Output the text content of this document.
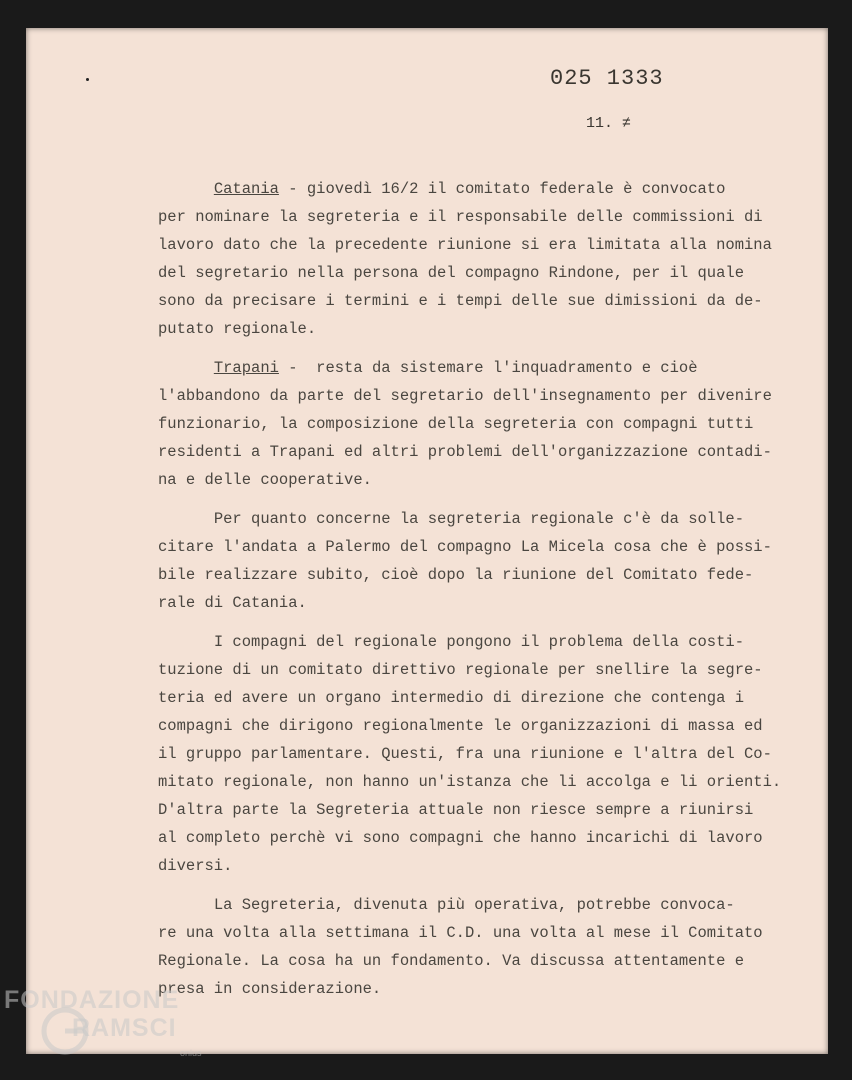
025 1333
11. ≠
Catania - giovedì 16/2 il comitato federale è convocato
per nominare la segreteria e il responsabile delle commissioni di
lavoro dato che la precedente riunione si era limitata alla nomina
del segretario nella persona del compagno Rindone, per il quale
sono da precisare i termini e i tempi delle sue dimissioni da de-
putato regionale.
Trapani -  resta da sistemare l'inquadramento e cioè
l'abbandono da parte del segretario dell'insegnamento per divenire
funzionario, la composizione della segreteria con compagni tutti
residenti a Trapani ed altri problemi dell'organizzazione contadi-
na e delle cooperative.
Per quanto concerne la segreteria regionale c'è da solle-
citare l'andata a Palermo del compagno La Micela cosa che è possi-
bile realizzare subito, cioè dopo la riunione del Comitato fede-
rale di Catania.
I compagni del regionale pongono il problema della costi-
tuzione di un comitato direttivo regionale per snellire la segre-
teria ed avere un organo intermedio di direzione che contenga i
compagni che dirigono regionalmente le organizzazioni di massa ed
il gruppo parlamentare. Questi, fra una riunione e l'altra del Co-
mitato regionale, non hanno un'istanza che li accolga e li orienti.
D'altra parte la Segreteria attuale non riesce sempre a riunirsi
al completo perchè vi sono compagni che hanno incarichi di lavoro
diversi.
La Segreteria, divenuta più operativa, potrebbe convoca-
re una volta alla settimana il C.D. una volta al mese il Comitato
Regionale. La cosa ha un fondamento. Va discussa attentamente e
presa in considerazione.
FONDAZIONE
RAMSCI
onlus
